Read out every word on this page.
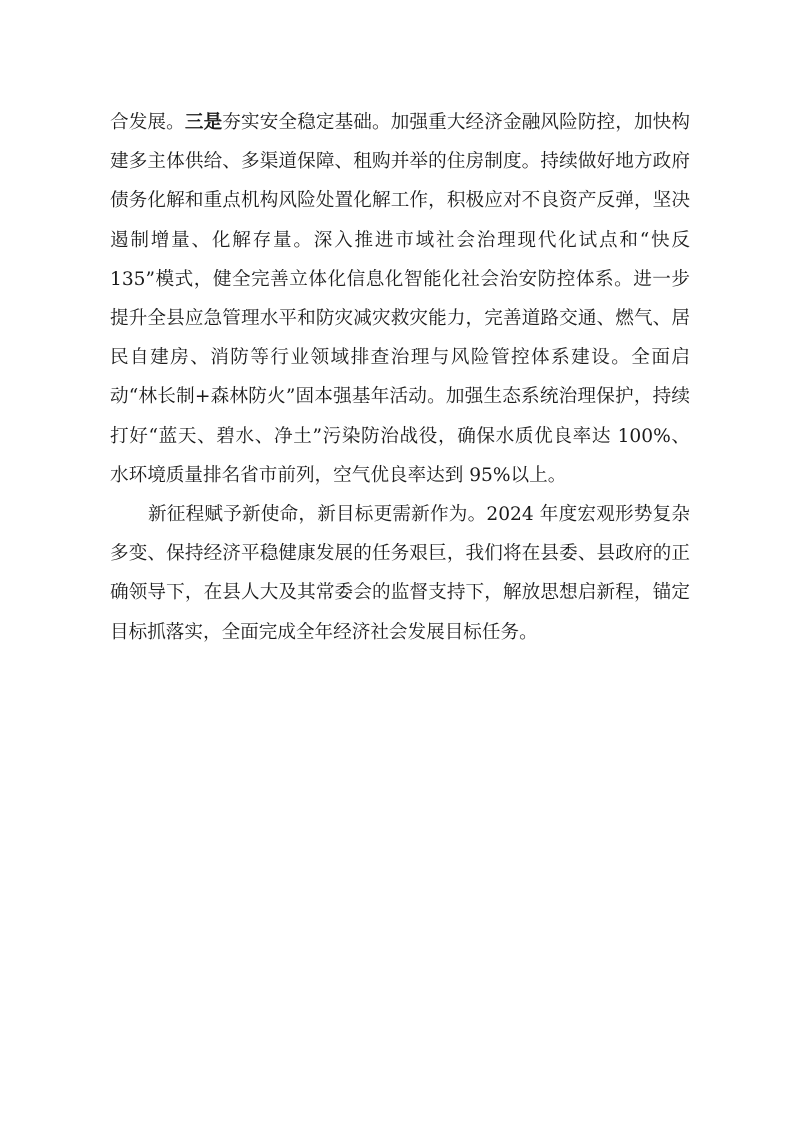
合发展。三是夯实安全稳定基础。加强重大经济金融风险防控，加快构建多主体供给、多渠道保障、租购并举的住房制度。持续做好地方政府债务化解和重点机构风险处置化解工作，积极应对不良资产反弹，坚决遏制增量、化解存量。深入推进市域社会治理现代化试点和“快反 135”模式，健全完善立体化信息化智能化社会治安防控体系。进一步提升全县应急管理水平和防灾减灾救灾能力，完善道路交通、燃气、居民自建房、消防等行业领域排查治理与风险管控体系建设。全面启动“林长制+森林防火”固本强基年活动。加强生态系统治理保护，持续打好“蓝天、碧水、净土”污染防治战役，确保水质优良率达 100%、水环境质量排名省市前列，空气优良率达到 95%以上。

新征程赋予新使命，新目标更需新作为。2024 年度宏观形势复杂多变、保持经济平稳健康发展的任务艰巨，我们将在县委、县政府的正确领导下，在县人大及其常委会的监督支持下，解放思想启新程，锚定目标抓落实，全面完成全年经济社会发展目标任务。
